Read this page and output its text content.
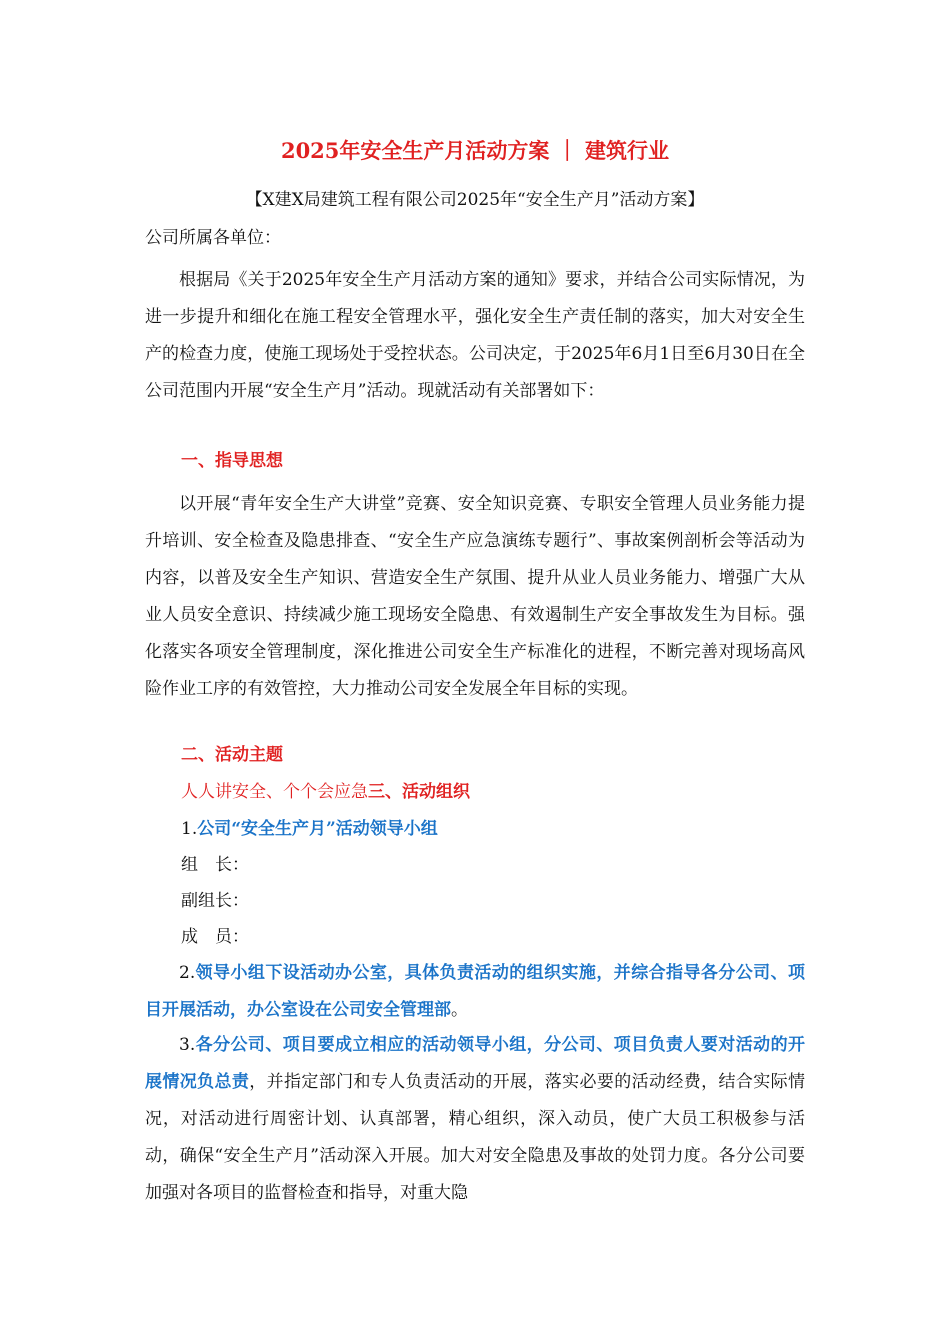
2025年安全生产月活动方案 ｜ 建筑行业
【X建X局建筑工程有限公司2025年“安全生产月”活动方案】
公司所属各单位：
根据局《关于2025年安全生产月活动方案的通知》要求，并结合公司实际情况，为进一步提升和细化在施工程安全管理水平，强化安全生产责任制的落实，加大对安全生产的检查力度，使施工现场处于受控状态。公司决定，于2025年6月1日至6月30日在全公司范围内开展“安全生产月”活动。现就活动有关部署如下：
一、指导思想
以开展“青年安全生产大讲堂”竞赛、安全知识竞赛、专职安全管理人员业务能力提升培训、安全检查及隐患排查、“安全生产应急演练专题行”、事故案例剖析会等活动为内容，以普及安全生产知识、营造安全生产氛围、提升从业人员业务能力、增强广大从业人员安全意识、持续减少施工现场安全隐患、有效遏制生产安全事故发生为目标。强化落实各项安全管理制度，深化推进公司安全生产标准化的进程，不断完善对现场高风险作业工序的有效管控，大力推动公司安全发展全年目标的实现。
二、活动主题
人人讲安全、个个会应急三、活动组织
1.公司“安全生产月”活动领导小组
组　长：
副组长：
成　员：
2.领导小组下设活动办公室，具体负责活动的组织实施，并综合指导各分公司、项目开展活动，办公室设在公司安全管理部。
3.各分公司、项目要成立相应的活动领导小组，分公司、项目负责人要对活动的开展情况负总责，并指定部门和专人负责活动的开展，落实必要的活动经费，结合实际情况，对活动进行周密计划、认真部署，精心组织，深入动员，使广大员工积极参与活动，确保“安全生产月”活动深入开展。加大对安全隐患及事故的处罚力度。各分公司要加强对各项目的监督检查和指导，对重大隐
